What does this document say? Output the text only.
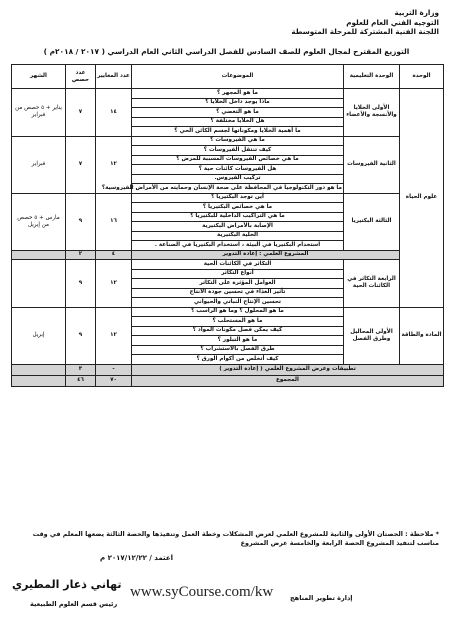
وزارة التربية
التوجيه الفني العام للعلوم
اللجنة الفنية المشتركة للمرحلة المتوسطة
التوزيع المقترح لمجال العلوم للصف السادس للفصل الدراسي الثاني العام الدراسي ( ٢٠١٧ / ٢٠١٨م )
الوحدة	الوحدة التعليمية	الموضوعات	عدد المعايير	عدد حصص	الشهر
علوم الحياة	الأولى الخلايا والأنسجة والأعضاء	ما هو المجهر ؟	١٤	٧	يناير + ٥ حصص من فبراير
		ماذا يوجد داخل الخلايا ؟			
		ما هو التعضي ؟			
		هل الخلايا مختلفة ؟			
		ما أهمية الخلايا ومكوناتها لجسم الكائن الحي ؟			
	الثانية الفيروسات	ما هي الفيروسات ؟	١٢	٧	فبراير
		كيف تنتقل الفيروسات ؟			
		ما هي خصائص الفيروسات المسببة للمرض ؟			
		هل الفيروسات كائنات حية ؟			
		تركيب الفيروس.			
		ما هو دور التكنولوجيا في المحافظة على صحة الإنسان وحمايته من الأمراض الفيروسية؟			
	الثالثة البكتيريا	أين توجد البكتيريا ؟	١٦	٩	مارس + ٥ حصص من إبريل
		ما هي خصائص البكتيريا ؟			
		ما هي التراكيب الداخلية للبكتيريا ؟			
		الإصابة بالأمراض البكتيرية			
		الخلية البكتيرية			
		استخدام البكتيريا في البيئة ، استخدام البكتيريا في الصناعة .			
	المشروع العلمي : إعادة التدوير		٤	٢	
	الرابعة التكاثر في الكائنات الحية	التكاثر في الكائنات الحية	١٢	٩	
		أنواع التكاثر			
		العوامل المؤثرة على التكاثر			
		تأثير الغذاء في تحسين جودة الانتاج			
		تحسين الإنتاج النباتي والحيواني			
المادة والطاقة	الأولى المحاليل وطرق الفصل	ما هو المحلول ؟ وما هو الراسب ؟	١٢	٩	إبريل
		ما هو المستحلب ؟			
		كيف يمكن فصل مكونات المواد ؟			
		ما هو التبلور ؟			
		طرق الفصل بالاستشراب ؟			
		كيف أتخلص من أكوام الورق ؟			
تطبيقات وعرض المشروع العلمي ( إعادة التدوير )			-	٣	
المجموع			٧٠	٤٦	
* ملاحظة : الحصتان الأولى والثانية للمشروع العلمي لعرض المشكلات وخطة العمل وتنفيذها والحصة الثالثة يضعها المعلم في وقت مناسب لتنفيذ المشروع الحصة الرابعة والخامسة عرض المشروع
اعتمد / ٢٠١٧/١٢/٢٢ م
تهاني ذعار المطيري
رئيس قسم العلوم الطبيعية
إدارة تطوير المناهج
www.syCourse.com/kw
